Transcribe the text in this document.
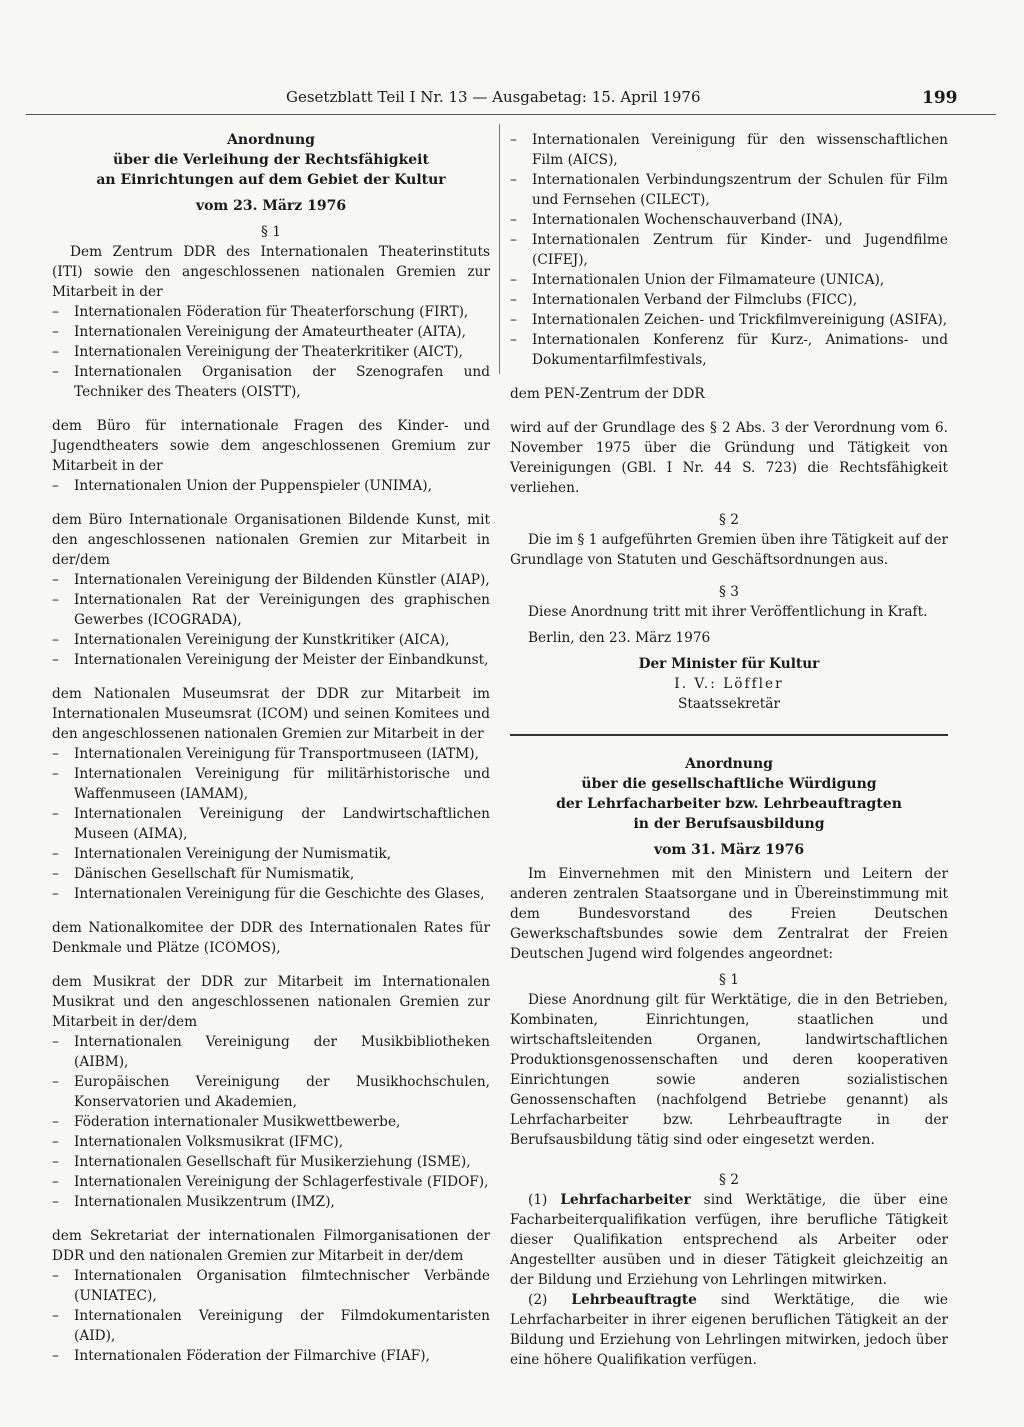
Gesetzblatt Teil I Nr. 13 — Ausgabetag: 15. April 1976	199
Anordnung
über die Verleihung der Rechtsfähigkeit
an Einrichtungen auf dem Gebiet der Kultur
vom 23. März 1976
§ 1

Dem Zentrum DDR des Internationalen Theaterinstituts (ITI) sowie den angeschlossenen nationalen Gremien zur Mitarbeit in der

– Internationalen Föderation für Theaterforschung (FIRT),
– Internationalen Vereinigung der Amateurtheater (AITA),
– Internationalen Vereinigung der Theaterkritiker (AICT),
– Internationalen Organisation der Szenografen und Techniker des Theaters (OISTT),

dem Büro für internationale Fragen des Kinder- und Jugendtheaters sowie dem angeschlossenen Gremium zur Mitarbeit in der

– Internationalen Union der Puppenspieler (UNIMA),

dem Büro Internationale Organisationen Bildende Kunst, mit den angeschlossenen nationalen Gremien zur Mitarbeit in der/dem

– Internationalen Vereinigung der Bildenden Künstler (AIAP),
– Internationalen Rat der Vereinigungen des graphischen Gewerbes (ICOGRADA),
– Internationalen Vereinigung der Kunstkritiker (AICA),
– Internationalen Vereinigung der Meister der Einbandkunst,

dem Nationalen Museumsrat der DDR zur Mitarbeit im Internationalen Museumsrat (ICOM) und seinen Komitees und den angeschlossenen nationalen Gremien zur Mitarbeit in der

– Internationalen Vereinigung für Transportmuseen (IATM),
– Internationalen Vereinigung für militärhistorische und Waffenmuseen (IAMAM),
– Internationalen Vereinigung der Landwirtschaftlichen Museen (AIMA),
– Internationalen Vereinigung der Numismatik,
– Dänischen Gesellschaft für Numismatik,
– Internationalen Vereinigung für die Geschichte des Glases,

dem Nationalkomitee der DDR des Internationalen Rates für Denkmale und Plätze (ICOMOS),

dem Musikrat der DDR zur Mitarbeit im Internationalen Musikrat und den angeschlossenen nationalen Gremien zur Mitarbeit in der/dem

– Internationalen Vereinigung der Musikbibliotheken (AIBM),
– Europäischen Vereinigung der Musikhochschulen, Konservatorien und Akademien,
– Föderation internationaler Musikwettbewerbe,
– Internationalen Volksmusikrat (IFMC),
– Internationalen Gesellschaft für Musikerziehung (ISME),
– Internationalen Vereinigung der Schlagerfestivale (FIDOF),
– Internationalen Musikzentrum (IMZ),

dem Sekretariat der internationalen Filmorganisationen der DDR und den nationalen Gremien zur Mitarbeit in der/dem

– Internationalen Organisation filmtechnischer Verbände (UNIATEC),
– Internationalen Vereinigung der Filmdokumentaristen (AID),
– Internationalen Föderation der Filmarchive (FIAF),
– Internationalen Vereinigung für den wissenschaftlichen Film (AICS),
– Internationalen Verbindungszentrum der Schulen für Film und Fernsehen (CILECT),
– Internationalen Wochenschauverband (INA),
– Internationalen Zentrum für Kinder- und Jugendfilme (CIFEJ),
– Internationalen Union der Filmamateure (UNICA),
– Internationalen Verband der Filmclubs (FICC),
– Internationalen Zeichen- und Trickfilmvereinigung (ASIFA),
– Internationalen Konferenz für Kurz-, Animations- und Dokumentarfilmfestivals,

dem PEN-Zentrum der DDR

wird auf der Grundlage des § 2 Abs. 3 der Verordnung vom 6. November 1975 über die Gründung und Tätigkeit von Vereinigungen (GBl. I Nr. 44 S. 723) die Rechtsfähigkeit verliehen.

§ 2

Die im § 1 aufgeführten Gremien üben ihre Tätigkeit auf der Grundlage von Statuten und Geschäftsordnungen aus.

§ 3

Diese Anordnung tritt mit ihrer Veröffentlichung in Kraft.

Berlin, den 23. März 1976

Der Minister für Kultur
I. V.: Löffler
Staatssekretär
Anordnung
über die gesellschaftliche Würdigung
der Lehrfacharbeiter bzw. Lehrbeauftragten
in der Berufsausbildung
vom 31. März 1976

Im Einvernehmen mit den Ministern und Leitern der anderen zentralen Staatsorgane und in Übereinstimmung mit dem Bundesvorstand des Freien Deutschen Gewerkschaftsbundes sowie dem Zentralrat der Freien Deutschen Jugend wird folgendes angeordnet:

§ 1

Diese Anordnung gilt für Werktätige, die in den Betrieben, Kombinaten, Einrichtungen, staatlichen und wirtschaftsleitenden Organen, landwirtschaftlichen Produktionsgenossenschaften und deren kooperativen Einrichtungen sowie anderen sozialistischen Genossenschaften (nachfolgend Betriebe genannt) als Lehrfacharbeiter bzw. Lehrbeauftragte in der Berufsausbildung tätig sind oder eingesetzt werden.

§ 2

(1) Lehrfacharbeiter sind Werktätige, die über eine Facharbeiterqualifikation verfügen, ihre berufliche Tätigkeit dieser Qualifikation entsprechend als Arbeiter oder Angestellter ausüben und in dieser Tätigkeit gleichzeitig an der Bildung und Erziehung von Lehrlingen mitwirken.

(2) Lehrbeauftragte sind Werktätige, die wie Lehrfacharbeiter in ihrer eigenen beruflichen Tätigkeit an der Bildung und Erziehung von Lehrlingen mitwirken, jedoch über eine höhere Qualifikation verfügen.
